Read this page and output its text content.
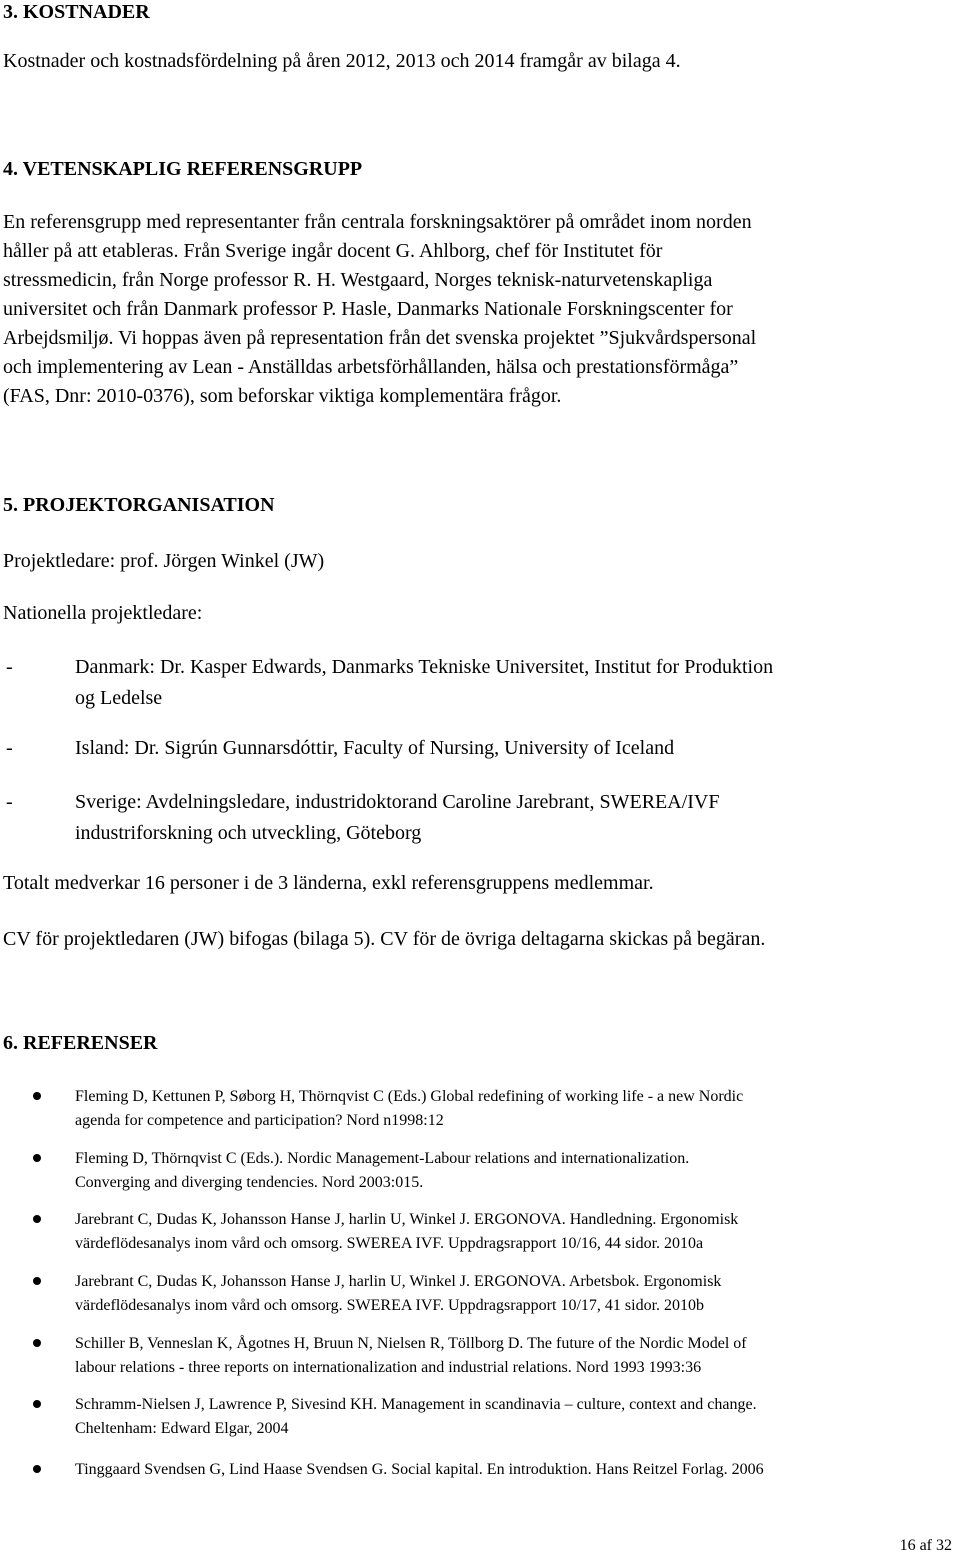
3. KOSTNADER

Kostnader och kostnadsfördelning på åren 2012, 2013 och 2014 framgår av bilaga 4.

4. VETENSKAPLIG REFERENSGRUPP

En referensgrupp med representanter från centrala forskningsaktörer på området inom norden
håller på att etableras. Från Sverige ingår docent G. Ahlborg, chef för Institutet för
stressmedicin, från Norge professor R. H. Westgaard, Norges teknisk-naturvetenskapliga
universitet och från Danmark professor P. Hasle, Danmarks Nationale Forskningscenter for
Arbejdsmiljø. Vi hoppas även på representation från det svenska projektet ”Sjukvårdspersonal
och implementering av Lean - Anställdas arbetsförhållanden, hälsa och prestationsförmåga”
(FAS, Dnr: 2010-0376), som beforskar viktiga komplementära frågor.

5. PROJEKTORGANISATION

Projektledare: prof. Jörgen Winkel (JW)

Nationella projektledare:

-	Danmark: Dr. Kasper Edwards, Danmarks Tekniske Universitet, Institut for Produktion
og Ledelse
-	Island: Dr. Sigrún Gunnarsdóttir, Faculty of Nursing, University of Iceland
-	Sverige: Avdelningsledare, industridoktorand Caroline Jarebrant, SWEREA/IVF
industriforskning och utveckling, Göteborg

Totalt medverkar 16 personer i de 3 länderna, exkl referensgruppens medlemmar.

CV för projektledaren (JW) bifogas (bilaga 5). CV för de övriga deltagarna skickas på begäran.

6. REFERENSER
Fleming D, Kettunen P, Søborg H, Thörnqvist C (Eds.) Global redefining of working life - a new Nordic
agenda for competence and participation? Nord n1998:12
Fleming D, Thörnqvist C (Eds.). Nordic Management-Labour relations and internationalization.
Converging and diverging tendencies. Nord 2003:015.
Jarebrant C, Dudas K, Johansson Hanse J, harlin U, Winkel J. ERGONOVA. Handledning. Ergonomisk
värdeflödesanalys inom vård och omsorg. SWEREA IVF. Uppdragsrapport 10/16, 44 sidor. 2010a
Jarebrant C, Dudas K, Johansson Hanse J, harlin U, Winkel J. ERGONOVA. Arbetsbok. Ergonomisk
värdeflödesanalys inom vård och omsorg. SWEREA IVF. Uppdragsrapport 10/17, 41 sidor. 2010b
Schiller B, Venneslan K, Ågotnes H, Bruun N, Nielsen R, Töllborg D. The future of the Nordic Model of
labour relations - three reports on internationalization and industrial relations. Nord 1993 1993:36
Schramm-Nielsen J, Lawrence P, Sivesind KH. Management in scandinavia – culture, context and change.
Cheltenham: Edward Elgar, 2004
Tinggaard Svendsen G, Lind Haase Svendsen G. Social kapital. En introduktion. Hans Reitzel Forlag. 2006
16 af 32
